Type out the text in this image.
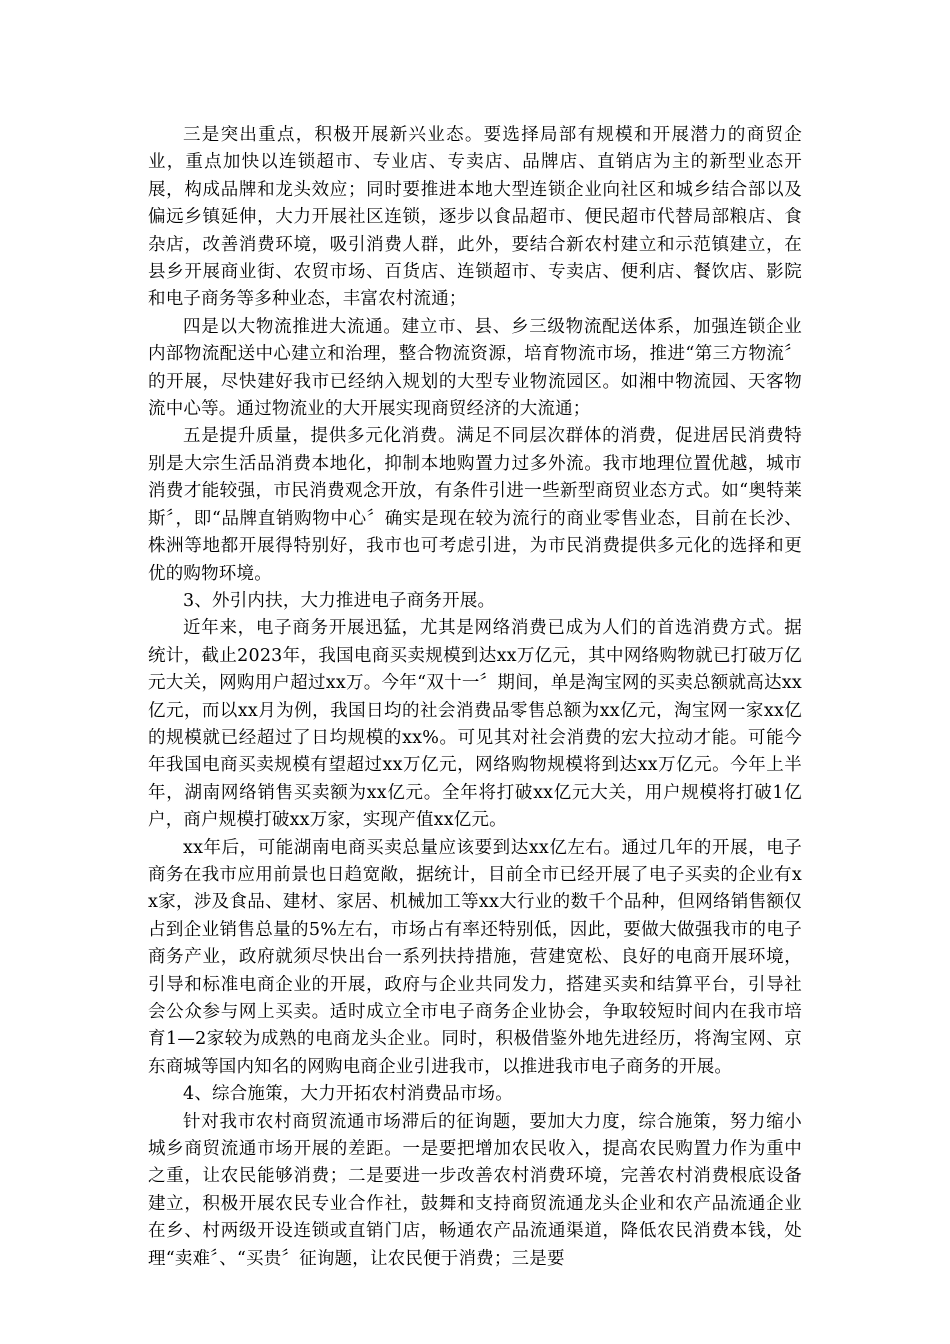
三是突出重点，积极开展新兴业态。要选择局部有规模和开展潜力的商贸企业，重点加快以连锁超市、专业店、专卖店、品牌店、直销店为主的新型业态开展，构成品牌和龙头效应；同时要推进本地大型连锁企业向社区和城乡结合部以及偏远乡镇延伸，大力开展社区连锁，逐步以食品超市、便民超市代替局部粮店、食杂店，改善消费环境，吸引消费人群，此外，要结合新农村建立和示范镇建立，在县乡开展商业街、农贸市场、百货店、连锁超市、专卖店、便利店、餐饮店、影院和电子商务等多种业态，丰富农村流通；

四是以大物流推进大流通。建立市、县、乡三级物流配送体系，加强连锁企业内部物流配送中心建立和治理，整合物流资源，培育物流市场，推进“第三方物流〞的开展，尽快建好我市已经纳入规划的大型专业物流园区。如湘中物流园、天客物流中心等。通过物流业的大开展实现商贸经济的大流通；

五是提升质量，提供多元化消费。满足不同层次群体的消费，促进居民消费特别是大宗生活品消费本地化，抑制本地购置力过多外流。我市地理位置优越，城市消费才能较强，市民消费观念开放，有条件引进一些新型商贸业态方式。如“奥特莱斯〞，即“品牌直销购物中心〞确实是现在较为流行的商业零售业态，目前在长沙、株洲等地都开展得特别好，我市也可考虑引进，为市民消费提供多元化的选择和更优的购物环境。

3、外引内扶，大力推进电子商务开展。

近年来，电子商务开展迅猛，尤其是网络消费已成为人们的首选消费方式。据统计，截止2023年，我国电商买卖规模到达xx万亿元，其中网络购物就已打破万亿元大关，网购用户超过xx万。今年“双十一〞期间，单是淘宝网的买卖总额就高达xx亿元，而以xx月为例，我国日均的社会消费品零售总额为xx亿元，淘宝网一家xx亿的规模就已经超过了日均规模的xx%。可见其对社会消费的宏大拉动才能。可能今年我国电商买卖规模有望超过xx万亿元，网络购物规模将到达xx万亿元。今年上半年，湖南网络销售买卖额为xx亿元。全年将打破xx亿元大关，用户规模将打破1亿户，商户规模打破xx万家，实现产值xx亿元。

xx年后，可能湖南电商买卖总量应该要到达xx亿左右。通过几年的开展，电子商务在我市应用前景也日趋宽敞，据统计，目前全市已经开展了电子买卖的企业有xx家，涉及食品、建材、家居、机械加工等xx大行业的数千个品种，但网络销售额仅占到企业销售总量的5%左右，市场占有率还特别低，因此，要做大做强我市的电子商务产业，政府就须尽快出台一系列扶持措施，营建宽松、良好的电商开展环境，引导和标准电商企业的开展，政府与企业共同发力，搭建买卖和结算平台，引导社会公众参与网上买卖。适时成立全市电子商务企业协会，争取较短时间内在我市培育1—2家较为成熟的电商龙头企业。同时，积极借鉴外地先进经历，将淘宝网、京东商城等国内知名的网购电商企业引进我市，以推进我市电子商务的开展。

4、综合施策，大力开拓农村消费品市场。

针对我市农村商贸流通市场滞后的征询题，要加大力度，综合施策，努力缩小城乡商贸流通市场开展的差距。一是要把增加农民收入，提高农民购置力作为重中之重，让农民能够消费；二是要进一步改善农村消费环境，完善农村消费根底设备建立，积极开展农民专业合作社，鼓舞和支持商贸流通龙头企业和农产品流通企业在乡、村两级开设连锁或直销门店，畅通农产品流通渠道，降低农民消费本钱，处理“卖难〞、“买贵〞征询题，让农民便于消费；三是要
